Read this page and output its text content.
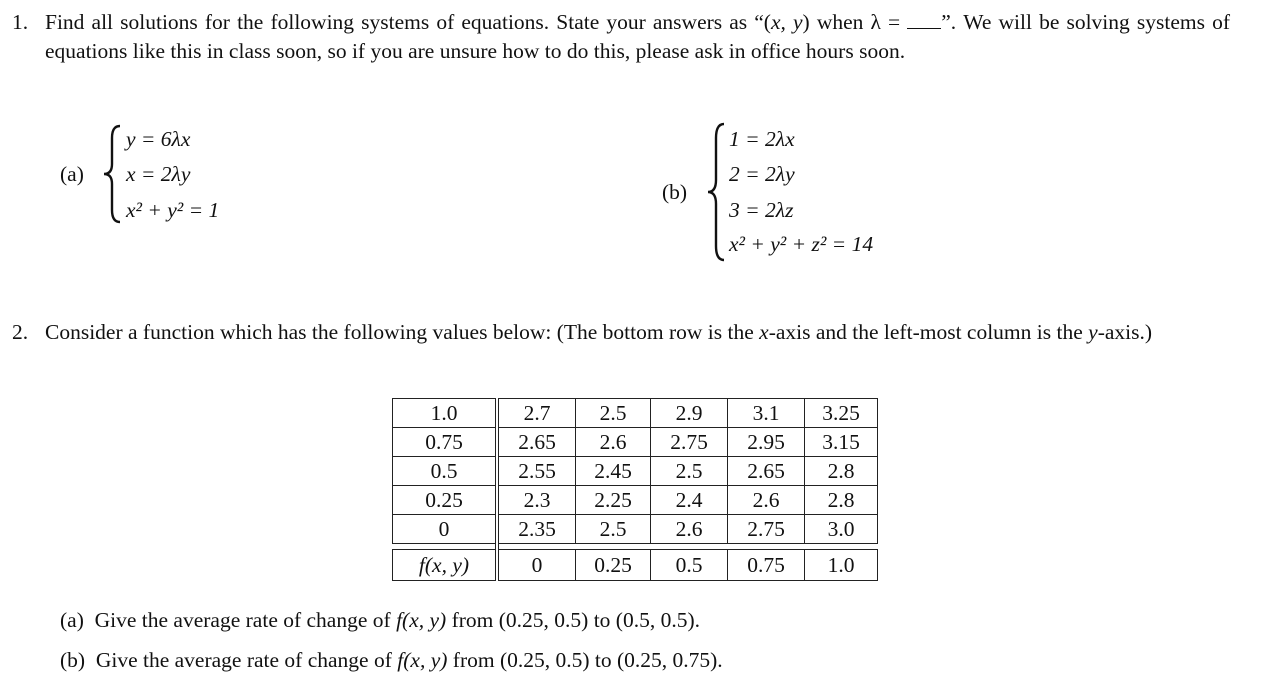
1. Find all solutions for the following systems of equations. State your answers as “(x, y) when λ = ”. We will be solving systems of equations like this in class soon, so if you are unsure how to do this, please ask in office hours soon.
(a)
y = 6λx
x = 2λy
x² + y² = 1
(b)
1 = 2λx
2 = 2λy
3 = 2λz
x² + y² + z² = 14
2. Consider a function which has the following values below: (The bottom row is the x-axis and the left-most column is the y-axis.)
1.0	2.7	2.5	2.9	3.1	3.25
0.75	2.65	2.6	2.75	2.95	3.15
0.5	2.55	2.45	2.5	2.65	2.8
0.25	2.3	2.25	2.4	2.6	2.8
0	2.35	2.5	2.6	2.75	3.0

f(x, y)	0	0.25	0.5	0.75	1.0
(a) Give the average rate of change of f(x, y) from (0.25, 0.5) to (0.5, 0.5).
(b) Give the average rate of change of f(x, y) from (0.25, 0.5) to (0.25, 0.75).
